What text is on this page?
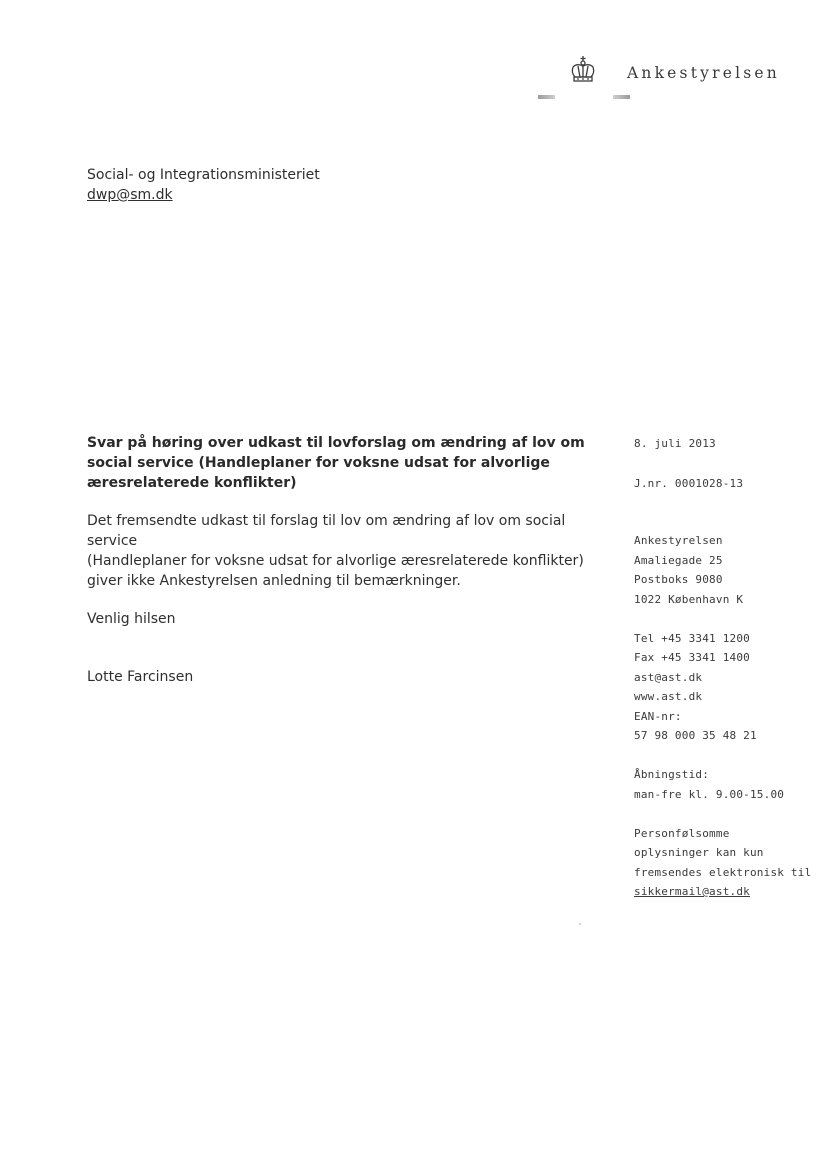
Ankestyrelsen
Social- og Integrationsministeriet
dwp@sm.dk
Svar på høring over udkast til lovforslag om ændring af lov om social service (Handleplaner for voksne udsat for alvorlige æresrelaterede konflikter)
Det fremsendte udkast til forslag til lov om ændring af lov om social service
(Handleplaner for voksne udsat for alvorlige æresrelaterede konflikter)
giver ikke Ankestyrelsen anledning til bemærkninger.
Venlig hilsen
Lotte Farcinsen
8. juli 2013
J.nr. 0001028-13
Ankestyrelsen
Amaliegade 25
Postboks 9080
1022 København K
Tel +45 3341 1200
Fax +45 3341 1400
ast@ast.dk
www.ast.dk
EAN-nr:
57 98 000 35 48 21
Åbningstid:
man-fre kl. 9.00-15.00
Personfølsomme
oplysninger kan kun
fremsendes elektronisk til
sikkermail@ast.dk
